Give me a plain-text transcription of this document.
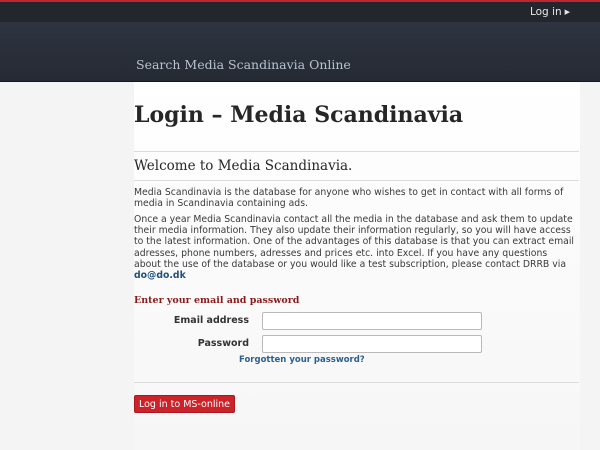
Log in ▶
Search Media Scandinavia Online
Login – Media Scandinavia
Welcome to Media Scandinavia.

Media Scandinavia is the database for anyone who wishes to get in contact with all forms of media in Scandinavia containing ads.

Once a year Media Scandinavia contact all the media in the database and ask them to update their media information. They also update their information regularly, so you will have access to the latest information. One of the advantages of this database is that you can extract email adresses, phone numbers, adresses and prices etc. into Excel. If you have any questions about the use of the database or you would like a test subscription, please contact DRRB via do@do.dk

Enter your email and password
Email address
Password
Forgotten your password?
Log in to MS-online
